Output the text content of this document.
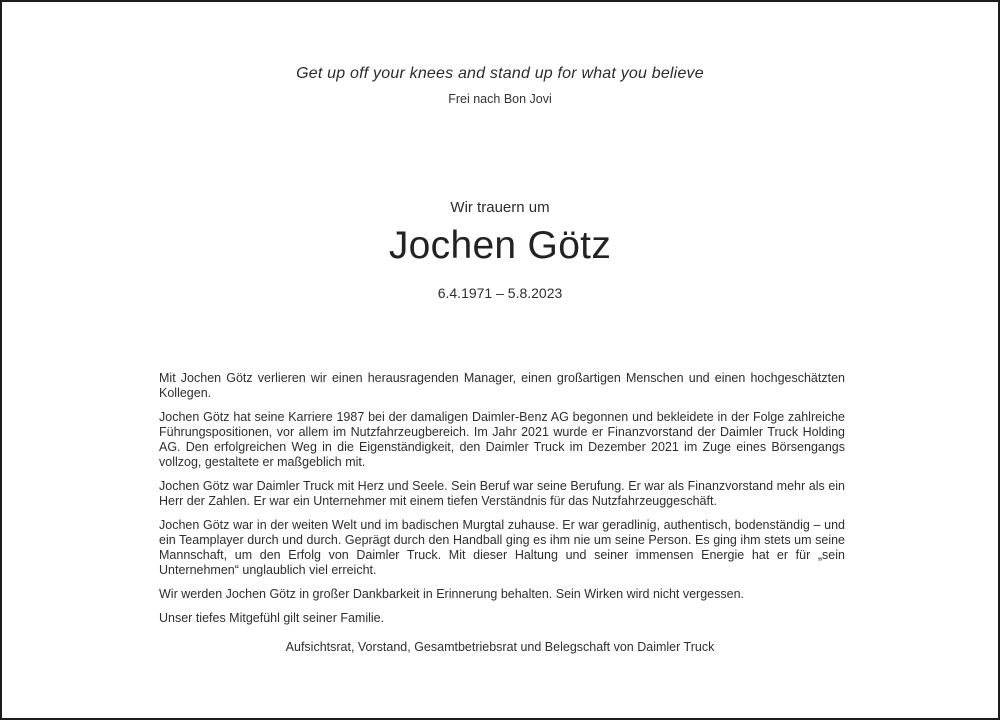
Get up off your knees and stand up for what you believe
Frei nach Bon Jovi
Wir trauern um
Jochen Götz
6.4.1971 – 5.8.2023

Mit Jochen Götz verlieren wir einen herausragenden Manager, einen großartigen Menschen und einen hochgeschätzten Kollegen.

Jochen Götz hat seine Karriere 1987 bei der damaligen Daimler-Benz AG begonnen und bekleidete in der Folge zahlreiche Führungspositionen, vor allem im Nutzfahrzeugbereich. Im Jahr 2021 wurde er Finanzvorstand der Daimler Truck Holding AG. Den erfolgreichen Weg in die Eigenständigkeit, den Daimler Truck im Dezember 2021 im Zuge eines Börsengangs vollzog, gestaltete er maßgeblich mit.

Jochen Götz war Daimler Truck mit Herz und Seele. Sein Beruf war seine Berufung. Er war als Finanzvorstand mehr als ein Herr der Zahlen. Er war ein Unternehmer mit einem tiefen Verständnis für das Nutzfahrzeuggeschäft.

Jochen Götz war in der weiten Welt und im badischen Murgtal zuhause. Er war geradlinig, authentisch, bodenständig – und ein Teamplayer durch und durch. Geprägt durch den Handball ging es ihm nie um seine Person. Es ging ihm stets um seine Mannschaft, um den Erfolg von Daimler Truck. Mit dieser Haltung und seiner immensen Energie hat er für „sein Unternehmen“ unglaublich viel erreicht.

Wir werden Jochen Götz in großer Dankbarkeit in Erinnerung behalten. Sein Wirken wird nicht vergessen.

Unser tiefes Mitgefühl gilt seiner Familie.

Aufsichtsrat, Vorstand, Gesamtbetriebsrat und Belegschaft von Daimler Truck
